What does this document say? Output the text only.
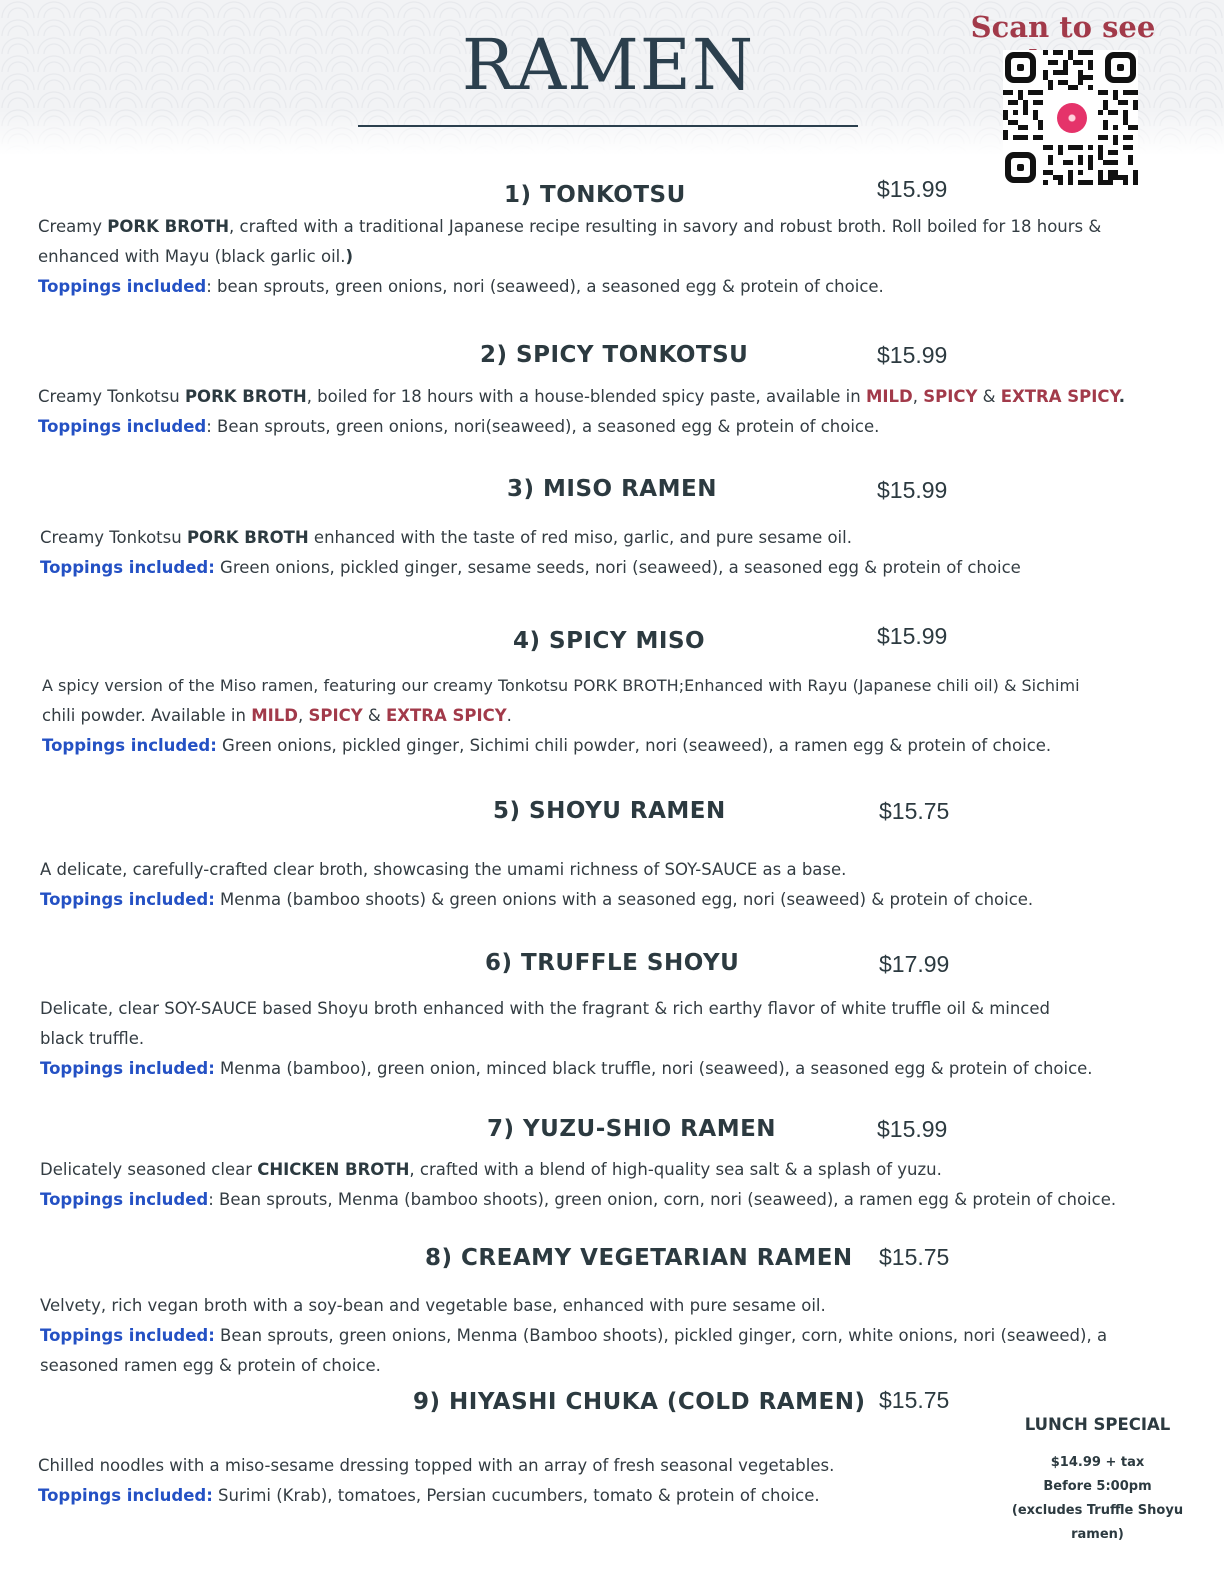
RAMEN	Scan to see
1) TONKOTSU	$15.99
Creamy PORK BROTH, crafted with a traditional Japanese recipe resulting in savory and robust broth. Roll boiled for 18 hours &
enhanced with Mayu (black garlic oil.)
Toppings included: bean sprouts, green onions, nori (seaweed), a seasoned egg & protein of choice.
2) SPICY TONKOTSU	$15.99
Creamy Tonkotsu PORK BROTH, boiled for 18 hours with a house-blended spicy paste, available in MILD, SPICY & EXTRA SPICY.
Toppings included: Bean sprouts, green onions, nori(seaweed), a seasoned egg & protein of choice.
3) MISO RAMEN	$15.99
Creamy Tonkotsu PORK BROTH enhanced with the taste of red miso, garlic, and pure sesame oil.
Toppings included: Green onions, pickled ginger, sesame seeds, nori (seaweed), a seasoned egg & protein of choice
4) SPICY MISO	$15.99
A spicy version of the Miso ramen, featuring our creamy Tonkotsu PORK BROTH;Enhanced with Rayu (Japanese chili oil) & Sichimi
chili powder. Available in MILD, SPICY & EXTRA SPICY.
Toppings included: Green onions, pickled ginger, Sichimi chili powder, nori (seaweed), a ramen egg & protein of choice.
5) SHOYU RAMEN	$15.75
A delicate, carefully-crafted clear broth, showcasing the umami richness of SOY-SAUCE as a base.
Toppings included: Menma (bamboo shoots) & green onions with a seasoned egg, nori (seaweed) & protein of choice.
6) TRUFFLE SHOYU	$17.99
Delicate, clear SOY-SAUCE based Shoyu broth enhanced with the fragrant & rich earthy flavor of white truffle oil & minced
black truffle.
Toppings included: Menma (bamboo), green onion, minced black truffle, nori (seaweed), a seasoned egg & protein of choice.
7) YUZU-SHIO RAMEN	$15.99
Delicately seasoned clear CHICKEN BROTH, crafted with a blend of high-quality sea salt & a splash of yuzu.
Toppings included: Bean sprouts, Menma (bamboo shoots), green onion, corn, nori (seaweed), a ramen egg & protein of choice.
8) CREAMY VEGETARIAN RAMEN $15.75
Velvety, rich vegan broth with a soy-bean and vegetable base, enhanced with pure sesame oil.
Toppings included: Bean sprouts, green onions, Menma (Bamboo shoots), pickled ginger, corn, white onions, nori (seaweed), a
seasoned ramen egg & protein of choice.
9) HIYASHI CHUKA (COLD RAMEN) $15.75
Chilled noodles with a miso-sesame dressing topped with an array of fresh seasonal vegetables.
Toppings included: Surimi (Krab), tomatoes, Persian cucumbers, tomato & protein of choice.
LUNCH SPECIAL
$14.99 + tax
Before 5:00pm
(excludes Truffle Shoyu
ramen)
